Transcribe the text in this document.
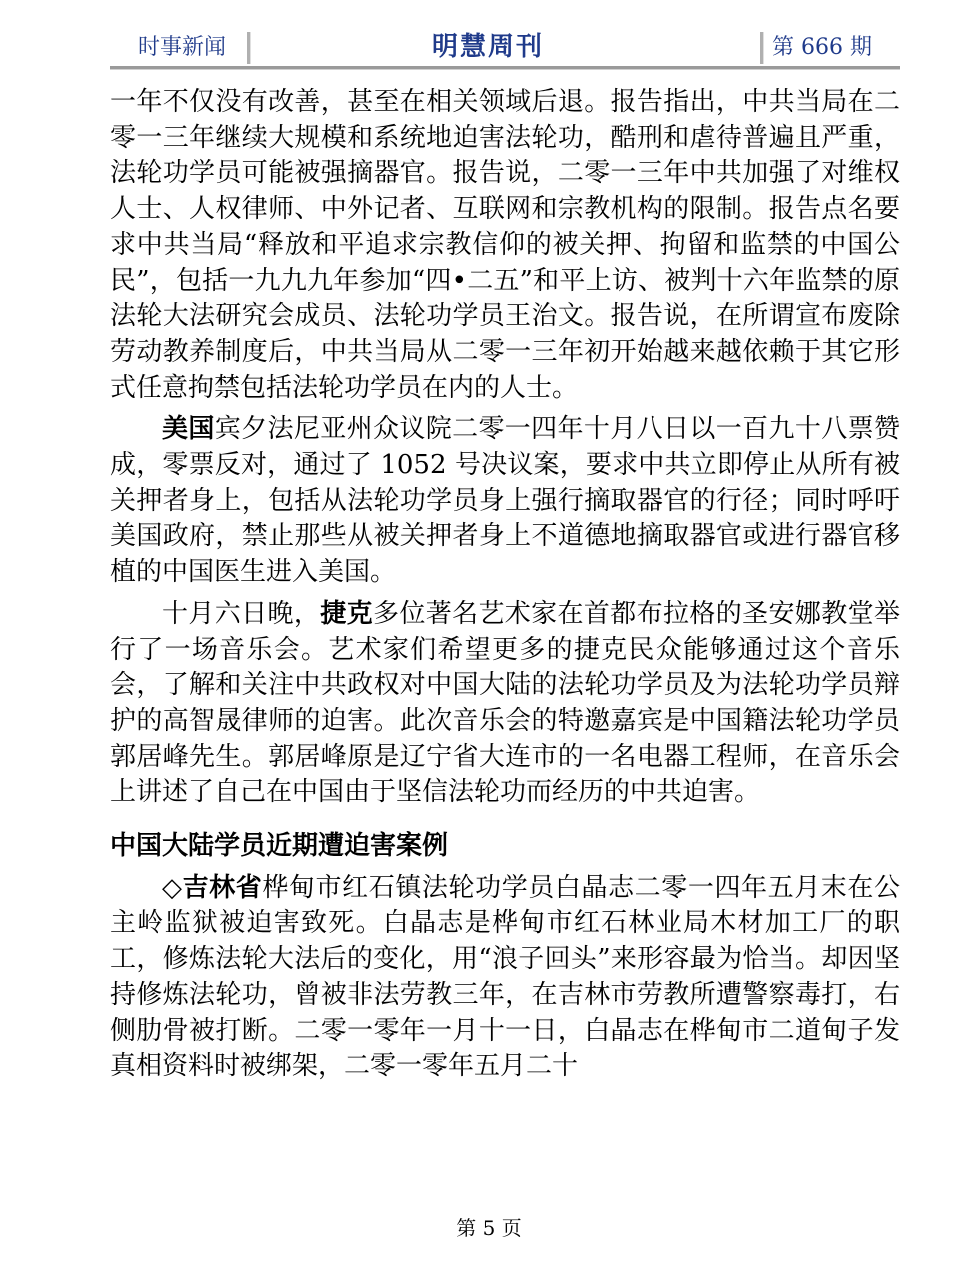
时事新闻	明慧周刊	第 666 期

一年不仅没有改善，甚至在相关领域后退。报告指出，中共当局在二零一三年继续大规模和系统地迫害法轮功，酷刑和虐待普遍且严重，法轮功学员可能被强摘器官。报告说，二零一三年中共加强了对维权人士、人权律师、中外记者、互联网和宗教机构的限制。报告点名要求中共当局“释放和平追求宗教信仰的被关押、拘留和监禁的中国公民”，包括一九九九年参加“四•二五”和平上访、被判十六年监禁的原法轮大法研究会成员、法轮功学员王治文。报告说，在所谓宣布废除劳动教养制度后，中共当局从二零一三年初开始越来越依赖于其它形式任意拘禁包括法轮功学员在内的人士。

美国宾夕法尼亚州众议院二零一四年十月八日以一百九十八票赞成，零票反对，通过了 1052 号决议案，要求中共立即停止从所有被关押者身上，包括从法轮功学员身上强行摘取器官的行径；同时呼吁美国政府，禁止那些从被关押者身上不道德地摘取器官或进行器官移植的中国医生进入美国。

十月六日晚，捷克多位著名艺术家在首都布拉格的圣安娜教堂举行了一场音乐会。艺术家们希望更多的捷克民众能够通过这个音乐会，了解和关注中共政权对中国大陆的法轮功学员及为法轮功学员辩护的高智晟律师的迫害。此次音乐会的特邀嘉宾是中国籍法轮功学员郭居峰先生。郭居峰原是辽宁省大连市的一名电器工程师，在音乐会上讲述了自己在中国由于坚信法轮功而经历的中共迫害。

中国大陆学员近期遭迫害案例

◇吉林省桦甸市红石镇法轮功学员白晶志二零一四年五月末在公主岭监狱被迫害致死。白晶志是桦甸市红石林业局木材加工厂的职工，修炼法轮大法后的变化，用“浪子回头”来形容最为恰当。却因坚持修炼法轮功，曾被非法劳教三年，在吉林市劳教所遭警察毒打，右侧肋骨被打断。二零一零年一月十一日，白晶志在桦甸市二道甸子发真相资料时被绑架，二零一零年五月二十

第 5 页
